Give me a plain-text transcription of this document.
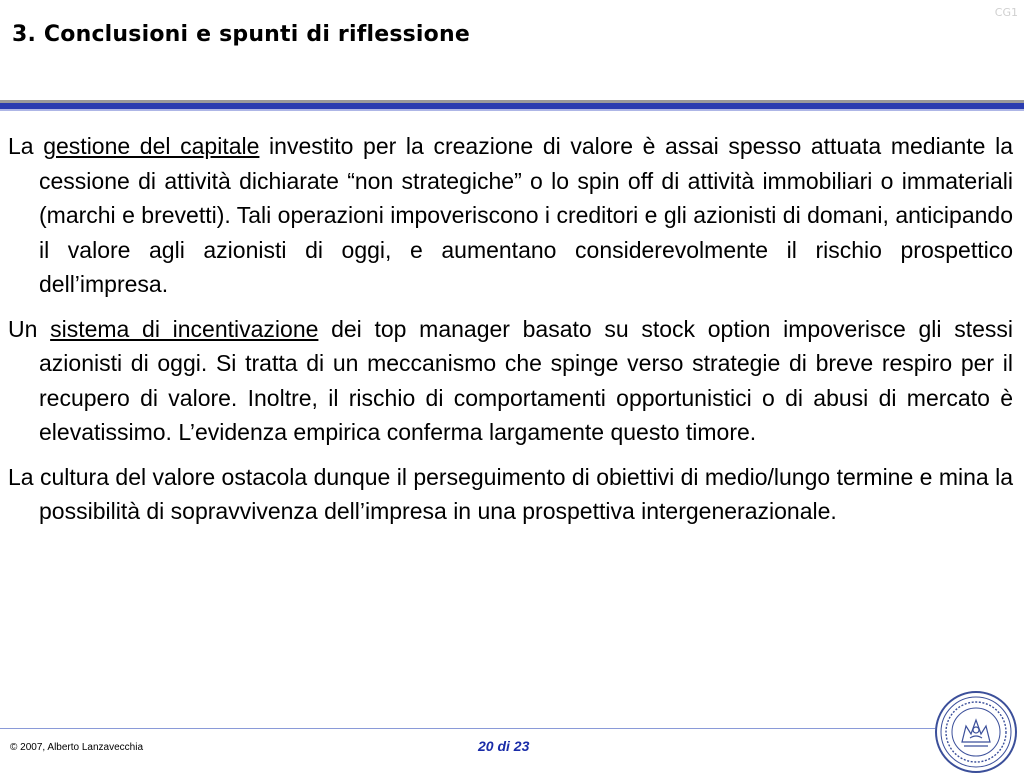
CG1
3. Conclusioni e spunti di riflessione

La gestione del capitale investito per la creazione di valore è assai spesso attuata mediante la cessione di attività dichiarate “non strategiche” o lo spin off di attività immobiliari o immateriali (marchi e brevetti). Tali operazioni impoveriscono i creditori e gli azionisti di domani, anticipando il valore agli azionisti di oggi, e aumentano considerevolmente il rischio prospettico dell’impresa.

Un sistema di incentivazione dei top manager basato su stock option impoverisce gli stessi azionisti di oggi. Si tratta di un meccanismo che spinge verso strategie di breve respiro per il recupero di valore. Inoltre, il rischio di comportamenti opportunistici o di abusi di mercato è elevatissimo. L’evidenza empirica conferma largamente questo timore.

La cultura del valore ostacola dunque il perseguimento di obiettivi di medio/lungo termine e mina la possibilità di sopravvivenza dell’impresa in una prospettiva intergenerazionale.

© 2007, Alberto Lanzavecchia	20 di 23
